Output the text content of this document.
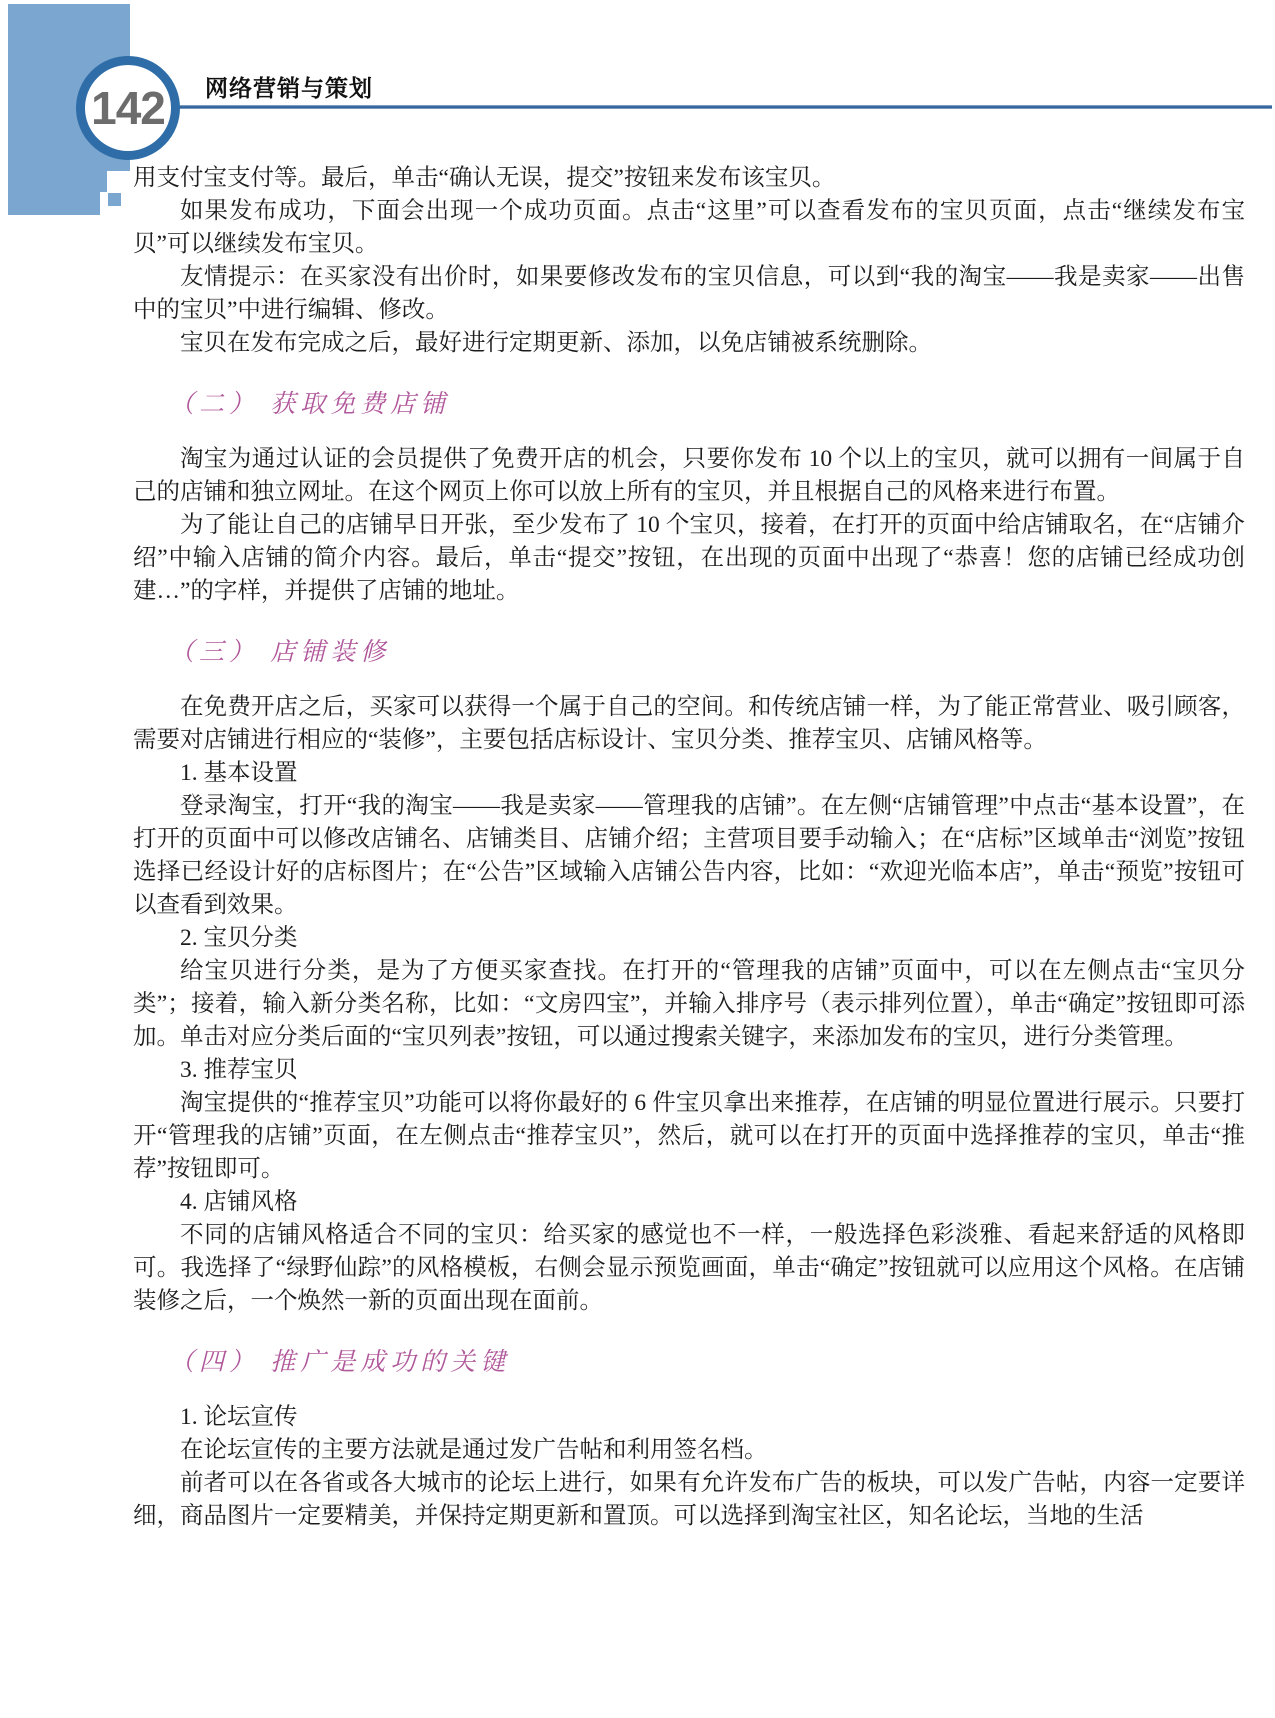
142 网络营销与策划

用支付宝支付等。最后，单击“确认无误，提交”按钮来发布该宝贝。

如果发布成功，下面会出现一个成功页面。点击“这里”可以查看发布的宝贝页面，点击“继续发布宝贝”可以继续发布宝贝。

友情提示：在买家没有出价时，如果要修改发布的宝贝信息，可以到“我的淘宝——我是卖家——出售中的宝贝”中进行编辑、修改。

宝贝在发布完成之后，最好进行定期更新、添加，以免店铺被系统删除。

（二） 获取免费店铺

淘宝为通过认证的会员提供了免费开店的机会，只要你发布 10 个以上的宝贝，就可以拥有一间属于自己的店铺和独立网址。在这个网页上你可以放上所有的宝贝，并且根据自己的风格来进行布置。

为了能让自己的店铺早日开张，至少发布了 10 个宝贝，接着，在打开的页面中给店铺取名，在“店铺介绍”中输入店铺的简介内容。最后，单击“提交”按钮，在出现的页面中出现了“恭喜！您的店铺已经成功创建…”的字样，并提供了店铺的地址。

（三） 店铺装修

在免费开店之后，买家可以获得一个属于自己的空间。和传统店铺一样，为了能正常营业、吸引顾客，需要对店铺进行相应的“装修”，主要包括店标设计、宝贝分类、推荐宝贝、店铺风格等。

1. 基本设置

登录淘宝，打开“我的淘宝——我是卖家——管理我的店铺”。在左侧“店铺管理”中点击“基本设置”，在打开的页面中可以修改店铺名、店铺类目、店铺介绍；主营项目要手动输入；在“店标”区域单击“浏览”按钮选择已经设计好的店标图片；在“公告”区域输入店铺公告内容，比如：“欢迎光临本店”，单击“预览”按钮可以查看到效果。

2. 宝贝分类

给宝贝进行分类，是为了方便买家查找。在打开的“管理我的店铺”页面中，可以在左侧点击“宝贝分类”；接着，输入新分类名称，比如：“文房四宝”，并输入排序号（表示排列位置），单击“确定”按钮即可添加。单击对应分类后面的“宝贝列表”按钮，可以通过搜索关键字，来添加发布的宝贝，进行分类管理。

3. 推荐宝贝

淘宝提供的“推荐宝贝”功能可以将你最好的 6 件宝贝拿出来推荐，在店铺的明显位置进行展示。只要打开“管理我的店铺”页面，在左侧点击“推荐宝贝”，然后，就可以在打开的页面中选择推荐的宝贝，单击“推荐”按钮即可。

4. 店铺风格

不同的店铺风格适合不同的宝贝：给买家的感觉也不一样，一般选择色彩淡雅、看起来舒适的风格即可。我选择了“绿野仙踪”的风格模板，右侧会显示预览画面，单击“确定”按钮就可以应用这个风格。在店铺装修之后，一个焕然一新的页面出现在面前。

（四） 推广是成功的关键

1. 论坛宣传

在论坛宣传的主要方法就是通过发广告帖和利用签名档。

前者可以在各省或各大城市的论坛上进行，如果有允许发布广告的板块，可以发广告帖，内容一定要详细，商品图片一定要精美，并保持定期更新和置顶。可以选择到淘宝社区，知名论坛，当地的生活
